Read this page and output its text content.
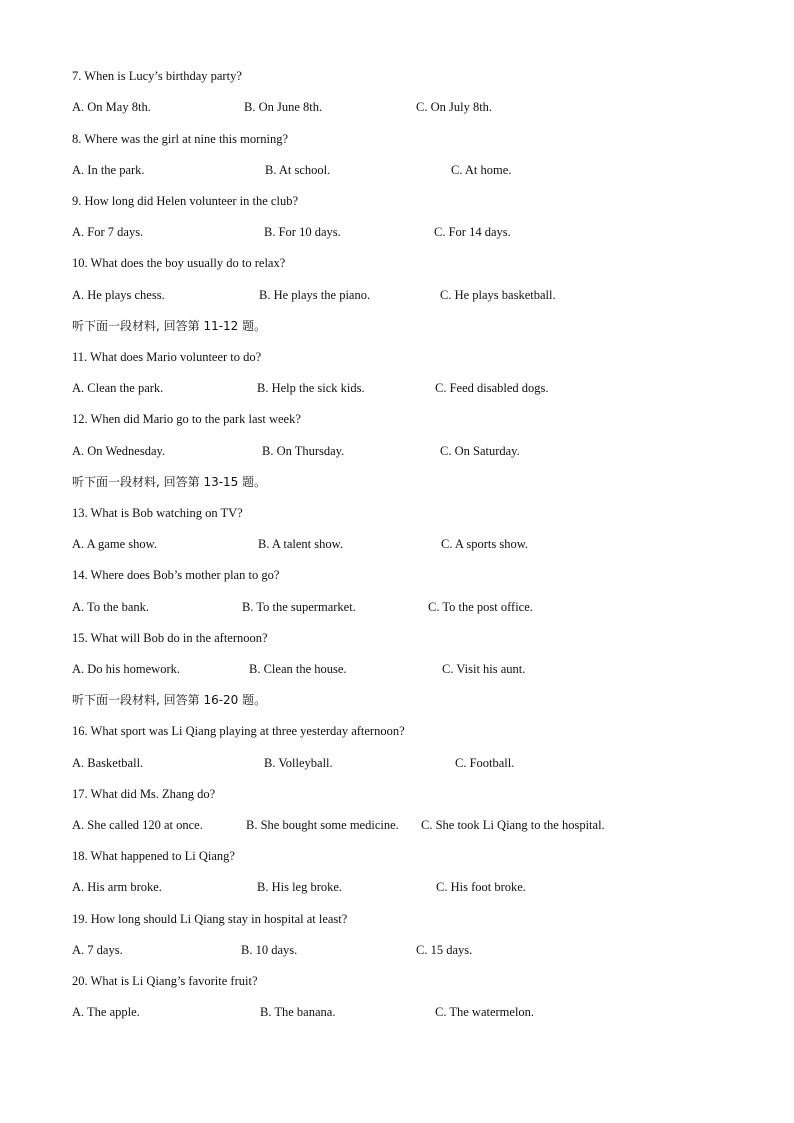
7. When is Lucy’s birthday party?
A. On May 8th.	B. On June 8th.	C. On July 8th.
8. Where was the girl at nine this morning?
A. In the park.	B. At school.	C. At home.
9. How long did Helen volunteer in the club?
A. For 7 days.	B. For 10 days.	C. For 14 days.
10. What does the boy usually do to relax?
A. He plays chess.	B. He plays the piano.	C. He plays basketball.
听下面一段材料, 回答第 11-12 题。
11. What does Mario volunteer to do?
A. Clean the park.	B. Help the sick kids.	C. Feed disabled dogs.
12. When did Mario go to the park last week?
A. On Wednesday.	B. On Thursday.	C. On Saturday.
听下面一段材料, 回答第 13-15 题。
13. What is Bob watching on TV?
A. A game show.	B. A talent show.	C. A sports show.
14. Where does Bob’s mother plan to go?
A. To the bank.	B. To the supermarket.	C. To the post office.
15. What will Bob do in the afternoon?
A. Do his homework.	B. Clean the house.	C. Visit his aunt.
听下面一段材料, 回答第 16-20 题。
16. What sport was Li Qiang playing at three yesterday afternoon?
A. Basketball.	B. Volleyball.	C. Football.
17. What did Ms. Zhang do?
A. She called 120 at once.	B. She bought some medicine. C. She took Li Qiang to the hospital.
18. What happened to Li Qiang?
A. His arm broke.	B. His leg broke.	C. His foot broke.
19. How long should Li Qiang stay in hospital at least?
A. 7 days.	B. 10 days.	C. 15 days.
20. What is Li Qiang’s favorite fruit?
A. The apple.	B. The banana.	C. The watermelon.
